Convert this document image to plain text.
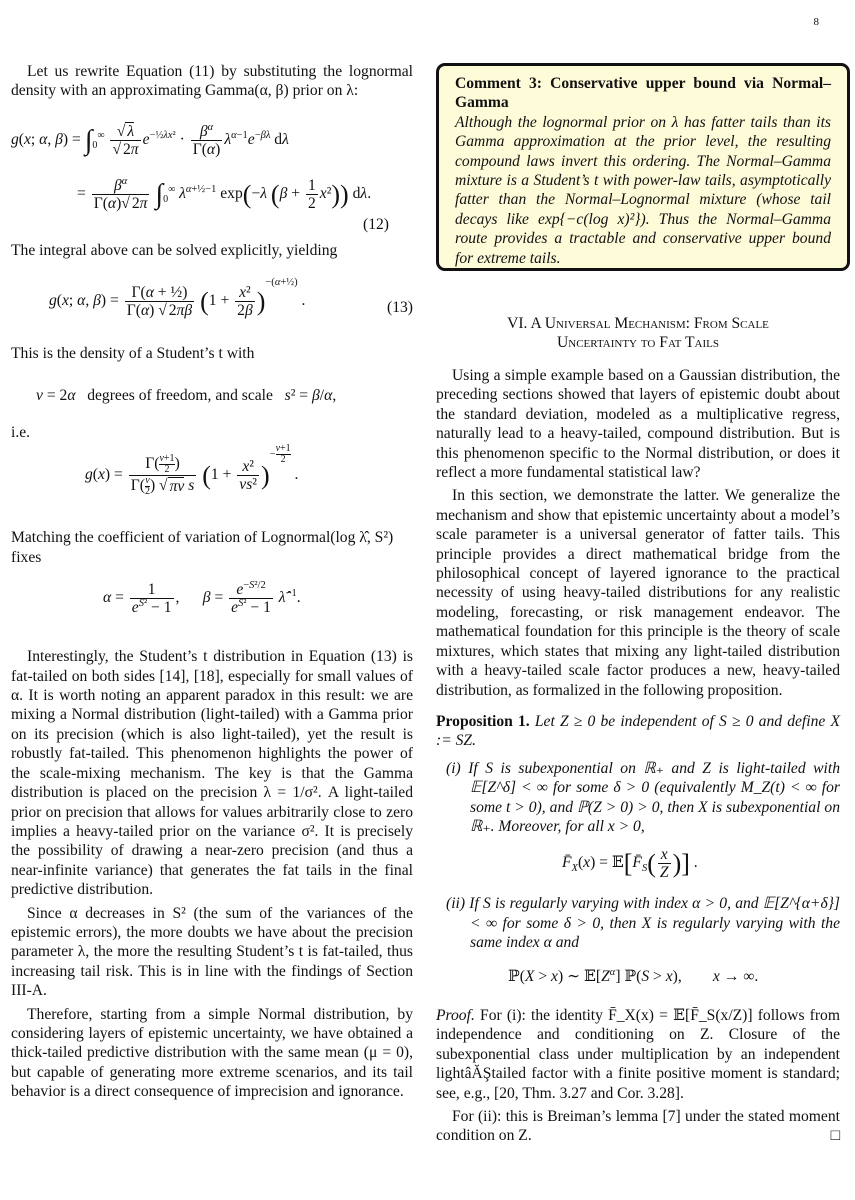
8

Let us rewrite Equation (11) by substituting the lognormal density with an approximating Gamma(α, β) prior on λ:

g(x; α, $\beta) = \int_0^\infty \frac{√ \lambda}{√ 2\pi} e^{-\frac{1}{2}\lambda x^2} \cdot \frac{\beta^\alpha}{\Gamma(\alpha)} \lambda^{\alpha-1}e^{-\beta\lambda}$ dλ
= $\frac{\beta^\alpha}{\Gamma(\alpha)√ 2\pi} \int_0^\infty$ $\lambda^{\alpha+\frac{1}{2}-1}$ exp(−λ $(\beta + \frac{1}{2} x^2)$) dλ.
(12)

The integral above can be solved explicitly, yielding

g(x; α, $\beta) = \frac{\text{Γ(α + ½)}}{\Gamma(\alpha) √ 2\pi\beta} (1 + \frac{\text{x²}}{2\beta} )^{-(\alpha+\frac{1}{2})}$ .	(13)

This is the density of a Student’s t with

ν = 2α degrees of freedom, and scale s² = β/α,

i.e.

$g(x) = \frac{\Gamma( \frac{\nu+1}{2} )}{\Gamma( \frac{\nu}{2} ) √ \pi\nu s} (1 + \frac{\text{x²}}{\text{νs²}} )^{- \frac{\nu+1}{2}}$
.

Matching the coefficient of variation of Lognormal(log λ̂, S²) fixes

$\alpha = \frac{1}{e^{S^2} - 1}$ ,      $\beta = \frac{e^{-S^2/2}}{e^{S^2} - 1}$ λ̂$^{-1}$.

Interestingly, the Student’s t distribution in Equation (13) is fat-tailed on both sides [14], [18], especially for small values of α. It is worth noting an apparent paradox in this result: we are mixing a Normal distribution (light-tailed) with a Gamma prior on its precision (which is also light-tailed), yet the result is robustly fat-tailed. This phenomenon highlights the power of the scale-mixing mechanism. The key is that the Gamma distribution is placed on the precision λ = 1/σ². A light-tailed prior on precision that allows for values arbitrarily close to zero implies a heavy-tailed prior on the variance σ². It is precisely the possibility of drawing a near-zero precision (and thus a near-infinite variance) that generates the fat tails in the final predictive distribution.

Since α decreases in S² (the sum of the variances of the epistemic errors), the more doubts we have about the precision parameter λ, the more the resulting Student’s t is fat-tailed, thus increasing tail risk. This is in line with the findings of Section III-A.

Therefore, starting from a simple Normal distribution, by considering layers of epistemic uncertainty, we have obtained a thick-tailed predictive distribution with the same mean (μ = 0), but capable of generating more extreme scenarios, and its tail behavior is a direct consequence of imprecision and ignorance.

Comment 3: Conservative upper bound via Normal–Gamma
Although the lognormal prior on λ has fatter tails than its Gamma approximation at the prior level, the resulting compound laws invert this ordering. The Normal–Gamma mixture is a Student’s t with power-law tails, asymptotically fatter than the Normal–Lognormal mixture (whose tail decays like exp{−c(log x)²}). Thus the Normal–Gamma route provides a tractable and conservative upper bound for extreme tails.
VI. A Universal Mechanism: From Scale
Uncertainty to Fat Tails

Using a simple example based on a Gaussian distribution, the preceding sections showed that layers of epistemic doubt about the standard deviation, modeled as a multiplicative regress, naturally lead to a heavy-tailed, compound distribution. But is this phenomenon specific to the Normal distribution, or does it reflect a more fundamental statistical law?

In this section, we demonstrate the latter. We generalize the mechanism and show that epistemic uncertainty about a model’s scale parameter is a universal generator of fatter tails. This principle provides a direct mathematical bridge from the philosophical concept of layered ignorance to the practical necessity of using heavy-tailed distributions for any realistic modeling, forecasting, or risk management endeavor. The mathematical foundation for this principle is the theory of scale mixtures, which states that mixing any light-tailed distribution with a heavy-tailed scale factor produces a new, heavy-tailed distribution, as formalized in the following proposition.

Proposition 1. Let Z ≥ 0 be independent of S ≥ 0 and define X := SZ.

(i) If S is subexponential on ℝ₊ and Z is light-tailed with 𝔼[Z^δ] < ∞ for some δ > 0 (equivalently M_Z(t) < ∞ for some t > 0), and ℙ(Z > 0) > 0, then X is subexponential on ℝ₊. Moreover, for all x > 0,

$F̄_X(x)$ = $𝔼[F̄_S( \frac{x}{Z}$ )] .

(ii) If S is regularly varying with index α > 0, and 𝔼[Z^{α+δ}] < ∞ for some δ > 0, then X is regularly varying with the same index α and

ℙ(X > x) ∼ $𝔼[Z^\alpha]$ ℙ(S > x),        x → ∞.

Proof. For (i): the identity F̄_X(x) = 𝔼[F̄_S(x/Z)] follows from independence and conditioning on Z. Closure of the subexponential class under multiplication by an independent lightâĂŞtailed factor with a finite positive moment is standard; see, e.g., [20, Thm. 3.27 and Cor. 3.28].

For (ii): this is Breiman’s lemma [7] under the stated moment condition on Z.	□
